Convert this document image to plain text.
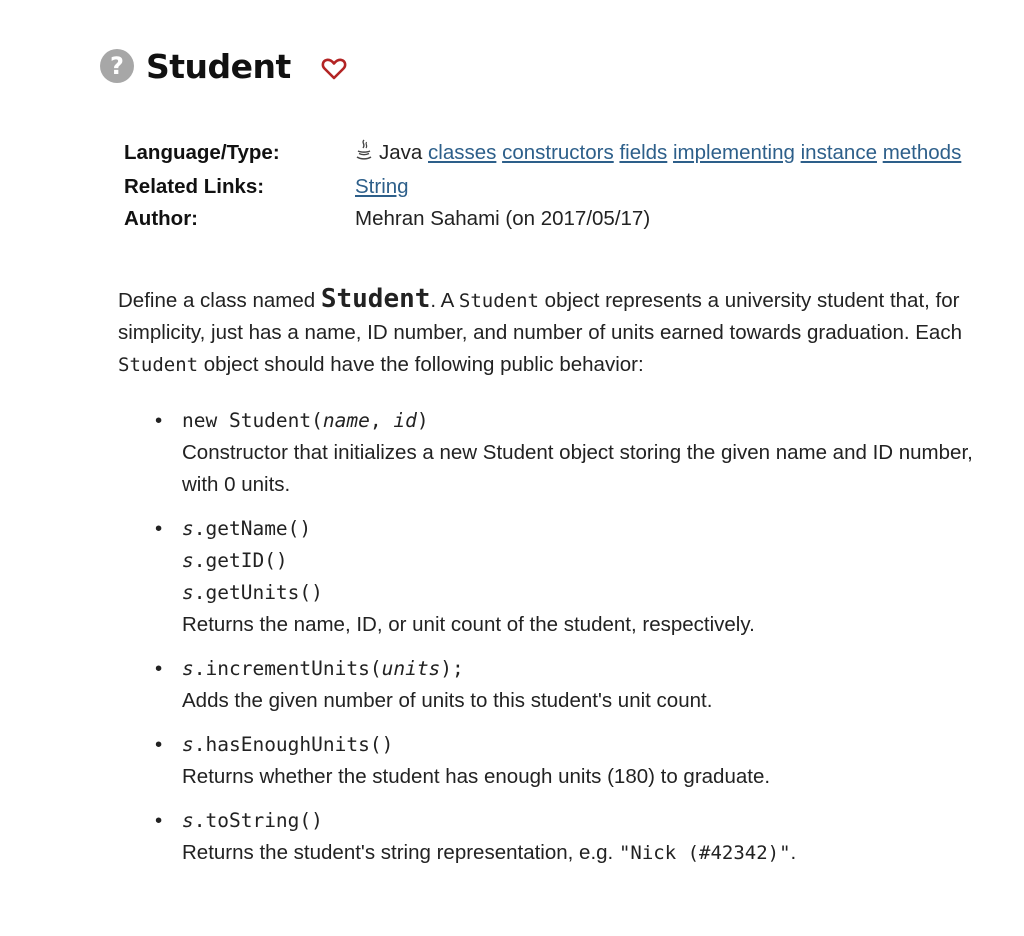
? Student
Language/Type:	Java classes constructors fields implementing instance methods
Related Links:	String
Author:	Mehran Sahami (on 2017/05/17)
Define a class named Student. A Student object represents a university student that, for simplicity, just has a name, ID number, and number of units earned towards graduation. Each Student object should have the following public behavior:
• new Student(name, id)
Constructor that initializes a new Student object storing the given name and ID number, with 0 units.
• s.getName()
s.getID()
s.getUnits()
Returns the name, ID, or unit count of the student, respectively.
• s.incrementUnits(units);
Adds the given number of units to this student's unit count.
• s.hasEnoughUnits()
Returns whether the student has enough units (180) to graduate.
• s.toString()
Returns the student's string representation, e.g. "Nick (#42342)".
